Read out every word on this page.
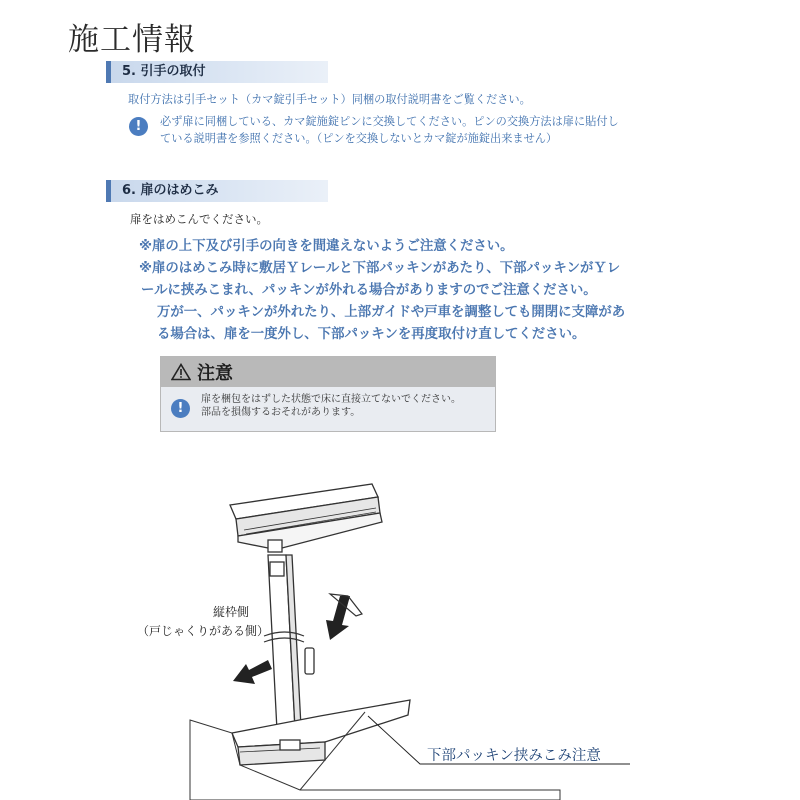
施工情報
5. 引手の取付
取付方法は引手セット（カマ錠引手セット）同梱の取付説明書をご覧ください。
!	必ず扉に同梱している、カマ錠施錠ピンに交換してください。ピンの交換方法は扉に貼付し
ている説明書を参照ください。（ピンを交換しないとカマ錠が施錠出来ません）
6. 扉のはめこみ
扉をはめこんでください。
※扉の上下及び引手の向きを間違えないようご注意ください。
※扉のはめこみ時に敷居Ｙレールと下部パッキンがあたり、下部パッキンがＹレ
ールに挟みこまれ、パッキンが外れる場合がありますのでご注意ください。
万が一、パッキンが外れたり、上部ガイドや戸車を調整しても開閉に支障があ
る場合は、扉を一度外し、下部パッキンを再度取付け直してください。
注意
!
扉を梱包をはずした状態で床に直接立てないでください。
部品を損傷するおそれがあります。
縦枠側
（戸じゃくりがある側）
下部パッキン挟みこみ注意
